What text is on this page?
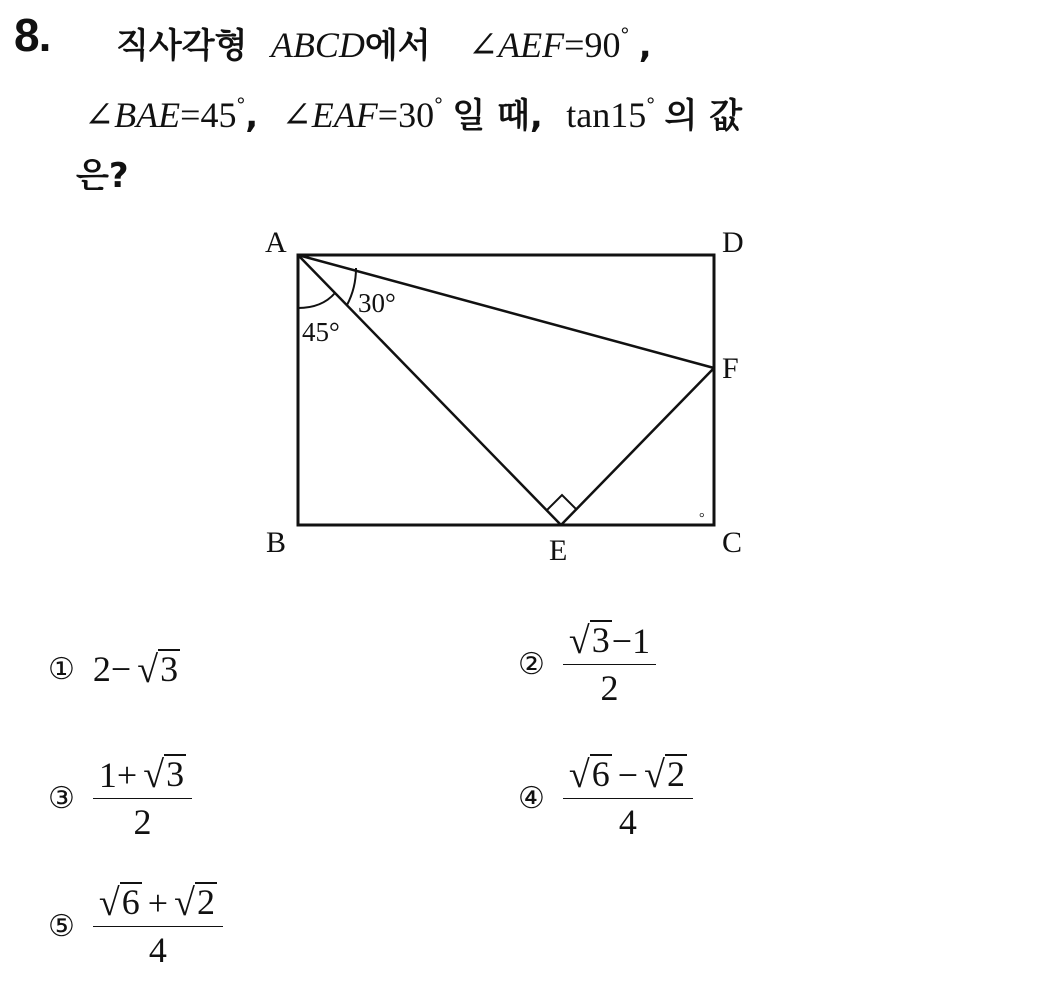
8. 직사각형 ABCD에서 ∠AEF=90° ,
∠BAE=45°, ∠EAF=30° 일 때, tan15° 의 값
은?
A	D
F
B	E	C
45°
30°
°
① 2− √ 3	② $\frac{√ 3 -1}{2}$
③ $\frac{1+ √ 3}{2}$	④ $\frac{√ 6 - √ 2}{4}$
⑤ $\frac{√ 6 + √ 2}{4}$
